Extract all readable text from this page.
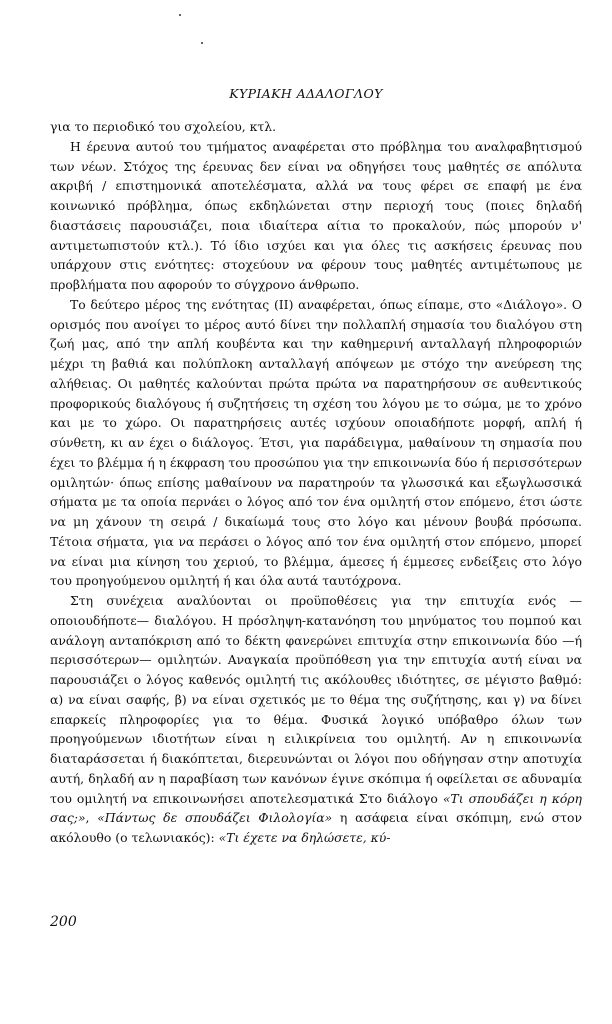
ΚΥΡΙΑΚΗ ΑΔΑΛΟΓΛΟΥ

για το περιοδικό του σχολείου, κτλ.

Η έρευνα αυτού του τμήματος αναφέρεται στο πρόβλημα του αναλφαβητισμού των νέων. Στόχος της έρευνας δεν είναι να οδηγήσει τους μαθητές σε απόλυτα ακριβή / επιστημονικά αποτελέσματα, αλλά να τους φέρει σε επαφή με ένα κοινωνικό πρόβλημα, όπως εκδηλώνεται στην περιοχή τους (ποιες δηλαδή διαστάσεις παρουσιάζει, ποια ιδιαίτερα αίτια το προκαλούν, πώς μπορούν ν' αντιμετωπιστούν κτλ.). Τό ίδιο ισχύει και για όλες τις ασκήσεις έρευνας που υπάρχουν στις ενότητες: στοχεύουν να φέρουν τους μαθητές αντιμέτωπους με προβλήματα που αφορούν το σύγχρονο άνθρωπο.

Το δεύτερο μέρος της ενότητας (ΙΙ) αναφέρεται, όπως είπαμε, στο «Διάλογο». Ο ορισμός που ανοίγει το μέρος αυτό δίνει την πολλαπλή σημασία του διαλόγου στη ζωή μας, από την απλή κουβέντα και την καθημερινή ανταλλαγή πληροφοριών μέχρι τη βαθιά και πολύπλοκη ανταλλαγή απόψεων με στόχο την ανεύρεση της αλήθειας. Οι μαθητές καλούνται πρώτα πρώτα να παρατηρήσουν σε αυθεντικούς προφορικούς διαλόγους ή συζητήσεις τη σχέση του λόγου με το σώμα, με το χρόνο και με το χώρο. Οι παρατηρήσεις αυτές ισχύουν οποιαδήποτε μορφή, απλή ή σύνθετη, κι αν έχει ο διάλογος. Έτσι, για παράδειγμα, μαθαίνουν τη σημασία που έχει το βλέμμα ή η έκφραση του προσώπου για την επικοινωνία δύο ή περισσότερων ομιλητών· όπως επίσης μαθαίνουν να παρατηρούν τα γλωσσικά και εξωγλωσσικά σήματα με τα οποία περνάει ο λόγος από τον ένα ομιλητή στον επόμενο, έτσι ώστε να μη χάνουν τη σειρά / δικαίωμά τους στο λόγο και μένουν βουβά πρόσωπα. Τέτοια σήματα, για να περάσει ο λόγος από τον ένα ομιλητή στον επόμενο, μπορεί να είναι μια κίνηση του χεριού, το βλέμμα, άμεσες ή έμμεσες ενδείξεις στο λόγο του προηγούμενου ομιλητή ή και όλα αυτά ταυτόχρονα.

Στη συνέχεια αναλύονται οι προϋποθέσεις για την επιτυχία ενός —οποιουδήποτε— διαλόγου. Η πρόσληψη-κατανόηση του μηνύματος του πομπού και ανάλογη ανταπόκριση από το δέκτη φανερώνει επιτυχία στην επικοινωνία δύο —ή περισσότερων— ομιλητών. Αναγκαία προϋπόθεση για την επιτυχία αυτή είναι να παρουσιάζει ο λόγος καθενός ομιλητή τις ακόλουθες ιδιότητες, σε μέγιστο βαθμό: α) να είναι σαφής, β) να είναι σχετικός με το θέμα της συζήτησης, και γ) να δίνει επαρκείς πληροφορίες για το θέμα. Φυσικά λογικό υπόβαθρο όλων των προηγούμενων ιδιοτήτων είναι η ειλικρίνεια του ομιλητή. Αν η επικοινωνία διαταράσσεται ή διακόπτεται, διερευνώνται οι λόγοι που οδήγησαν στην αποτυχία αυτή, δηλαδή αν η παραβίαση των κανόνων έγινε σκόπιμα ή οφείλεται σε αδυναμία του ομιλητή να επικοινωνήσει αποτελεσματικά Στο διάλογο «Τι σπουδάζει η κόρη σας;», «Πάντως δε σπουδάζει Φιλολογία» η ασάφεια είναι σκόπιμη, ενώ στον ακόλουθο (ο τελωνιακός): «Τι έχετε να δηλώσετε, κύ-

200
